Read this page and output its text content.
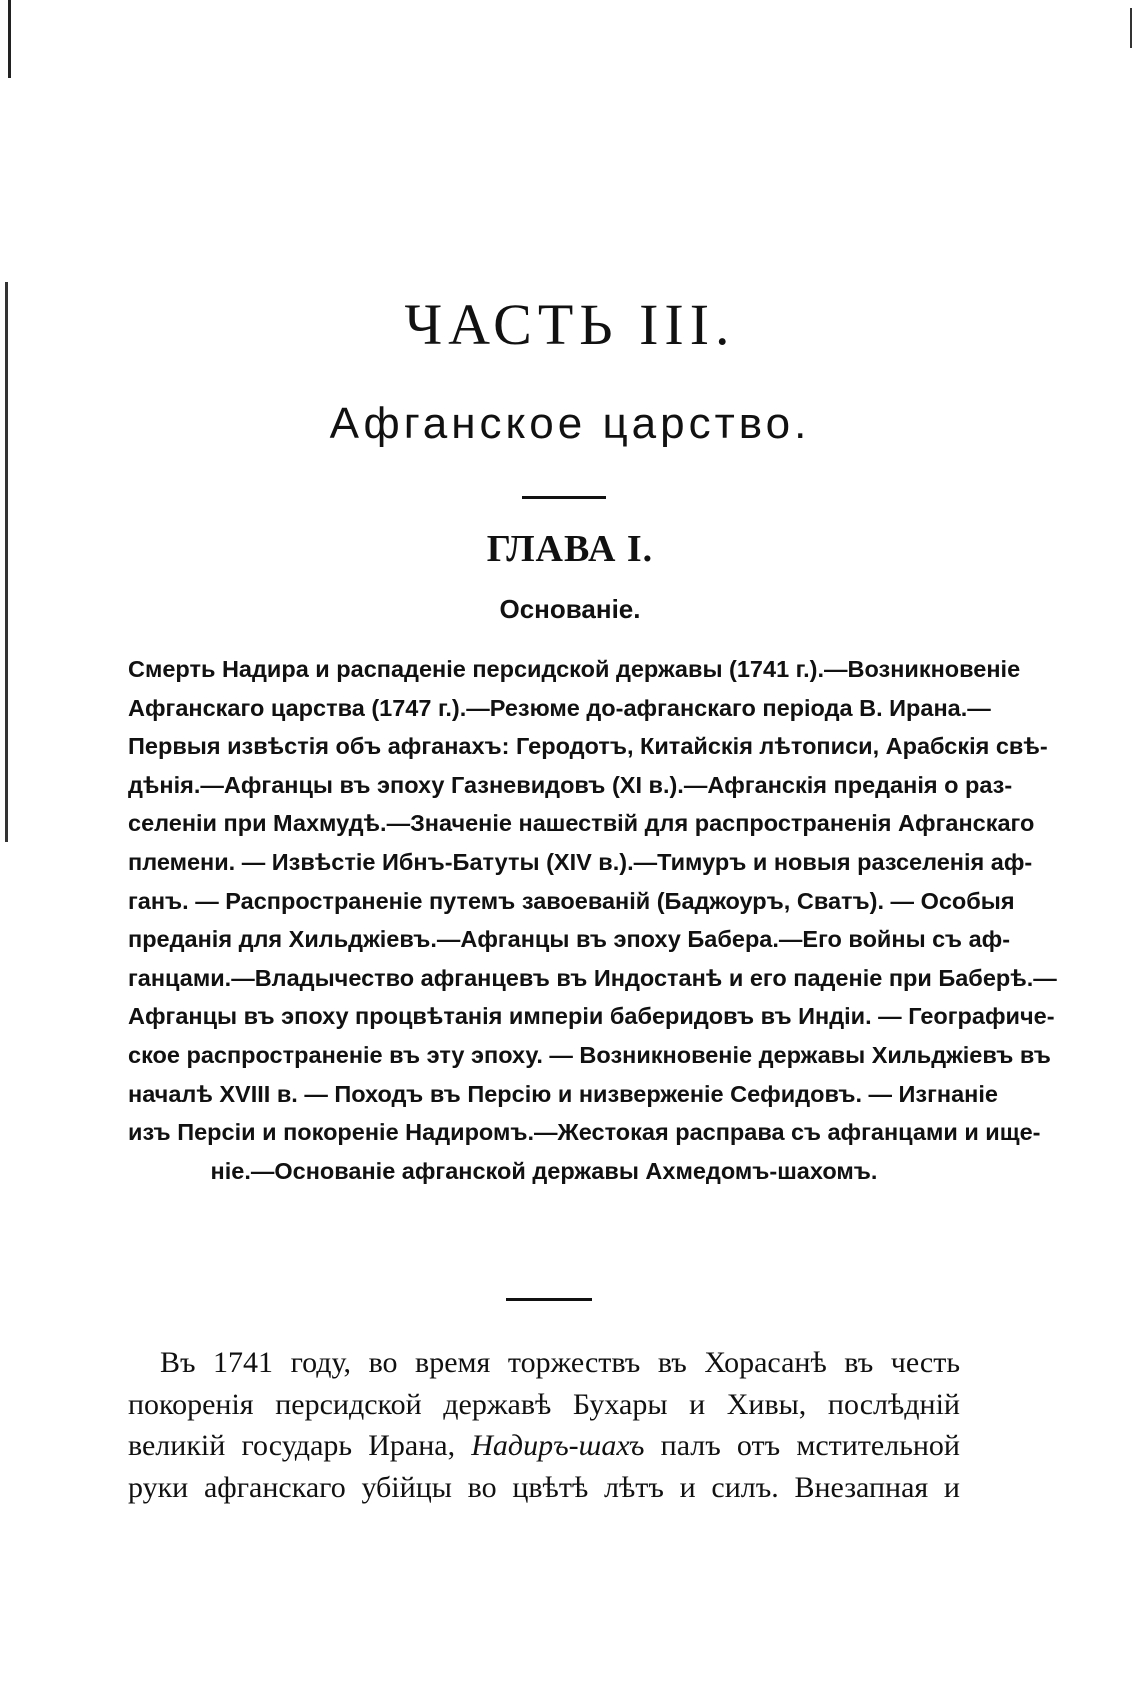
ЧАСТЬ III.
Афганское царство.
ГЛАВА I.
Основаніе.
Смерть Надира и распаденіе персидской державы (1741 г.).—Возникновеніе
Афганскаго царства (1747 г.).—Резюме до-афганскаго періода В. Ирана.—
Первыя извѣстія объ афганахъ: Геродотъ, Китайскія лѣтописи, Арабскія свѣ-
дѣнія.—Афганцы въ эпоху Газневидовъ (XI в.).—Афганскія преданія о раз-
селеніи при Махмудѣ.—Значеніе нашествій для распространенія Афганскаго
племени. — Извѣстіе Ибнъ-Батуты (XIV в.).—Тимуръ и новыя разселенія аф-
ганъ. — Распространеніе путемъ завоеваній (Баджоуръ, Сватъ). — Особыя
преданія для Хильджіевъ.—Афганцы въ эпоху Бабера.—Его войны съ аф-
ганцами.—Владычество афганцевъ въ Индостанѣ и его паденіе при Баберѣ.—
Афганцы въ эпоху процвѣтанія имперіи баберидовъ въ Индіи. — Географиче-
ское распространеніе въ эту эпоху. — Возникновеніе державы Хильджіевъ въ
началѣ XVIII в. — Походъ въ Персію и низверженіе Сефидовъ. — Изгнаніе
изъ Персіи и покореніе Надиромъ.—Жестокая расправа съ афганцами и ище-
ніе.—Основаніе афганской державы Ахмедомъ-шахомъ.
Въ 1741 году, во время торжествъ въ Хорасанѣ въ честь
покоренія персидской державѣ Бухары и Хивы, послѣдній
великій государь Ирана, Надиръ-шахъ палъ отъ мстительной
руки афганскаго убійцы во цвѣтѣ лѣтъ и силъ. Внезапная и
